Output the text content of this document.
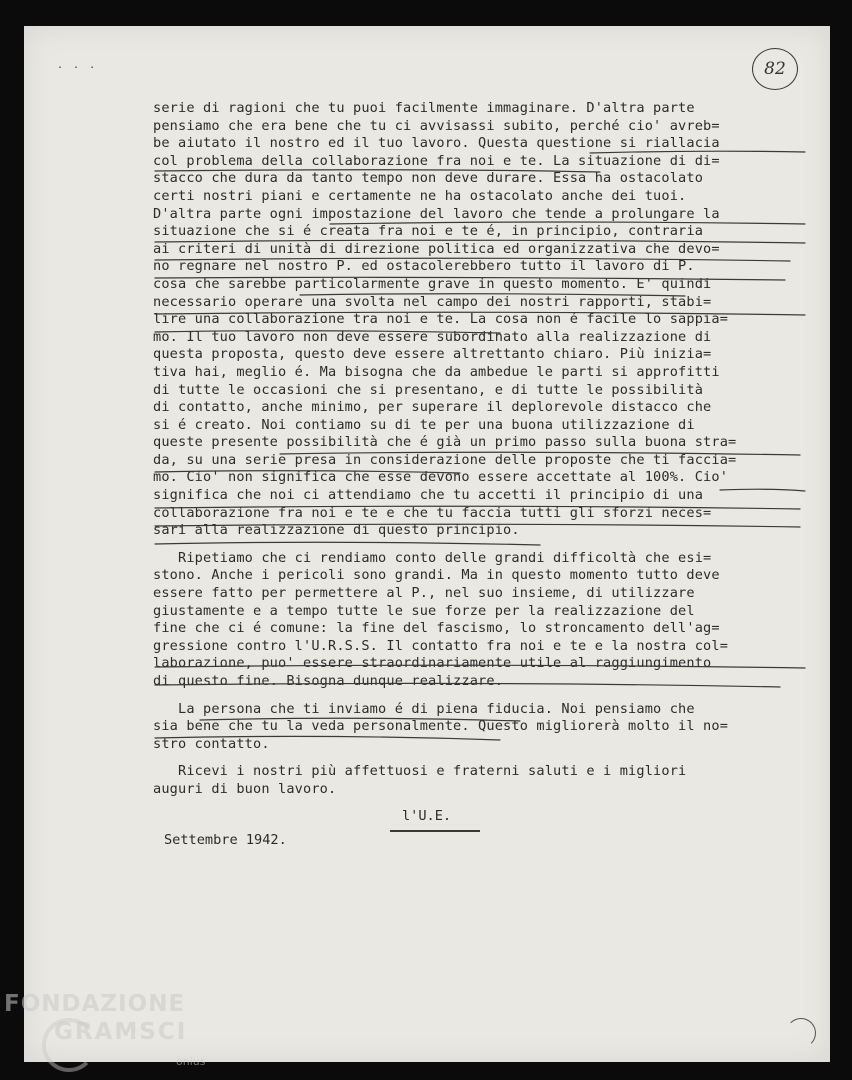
. . .	82
serie di ragioni che tu puoi facilmente immaginare. D'altra parte
pensiamo che era bene che tu ci avvisassi subito, perché cio' avreb=
be aiutato il nostro ed il tuo lavoro. Questa questione si riallacia
col problema della collaborazione fra noi e te. La situazione di di=
stacco che dura da tanto tempo non deve durare. Essa ha ostacolato
certi nostri piani e certamente ne ha ostacolato anche dei tuoi.
D'altra parte ogni impostazione del lavoro che tende a prolungare la
situazione che si é creata fra noi e te é, in principio, contraria
ai criteri di unità di direzione politica ed organizzativa che devo=
no regnare nel nostro P. ed ostacolerebbero tutto il lavoro di P.
cosa che sarebbe particolarmente grave in questo momento. E' quindi
necessario operare una svolta nel campo dei nostri rapporti, stabi=
lire una collaborazione tra noi e te. La cosa non é facile lo sappia=
mo. Il tuo lavoro non deve essere subordinato alla realizzazione di
questa proposta, questo deve essere altrettanto chiaro. Più inizia=
tiva hai, meglio é. Ma bisogna che da ambedue le parti si approfitti
di tutte le occasioni che si presentano, e di tutte le possibilità
di contatto, anche minimo, per superare il deplorevole distacco che
si é creato. Noi contiamo su di te per una buona utilizzazione di
queste presente possibilità che é già un primo passo sulla buona stra=
da, su una serie presa in considerazione delle proposte che ti faccia=
mo. Cio' non significa che esse devono essere accettate al 100%. Cio'
significa che noi ci attendiamo che tu accetti il principio di una
collaborazione fra noi e te e che tu faccia tutti gli sforzi neces=
sari alla realizzazione di questo principio.
Ripetiamo che ci rendiamo conto delle grandi difficoltà che esi=
stono. Anche i pericoli sono grandi. Ma in questo momento tutto deve
essere fatto per permettere al P., nel suo insieme, di utilizzare
giustamente e a tempo tutte le sue forze per la realizzazione del
fine che ci é comune: la fine del fascismo, lo stroncamento dell'ag=
gressione contro l'U.R.S.S. Il contatto fra noi e te e la nostra col=
laborazione, puo' essere straordinariamente utile al raggiungimento
di questo fine. Bisogna dunque realizzare.
La persona che ti inviamo é di piena fiducia. Noi pensiamo che
sia bene che tu la veda personalmente. Questo migliorerà molto il no=
stro contatto.
Ricevi i nostri più affettuosi e fraterni saluti e i migliori
auguri di buon lavoro.
l'U.E.
Settembre 1942.
FONDAZIONE
GRAMSCI
onlus
